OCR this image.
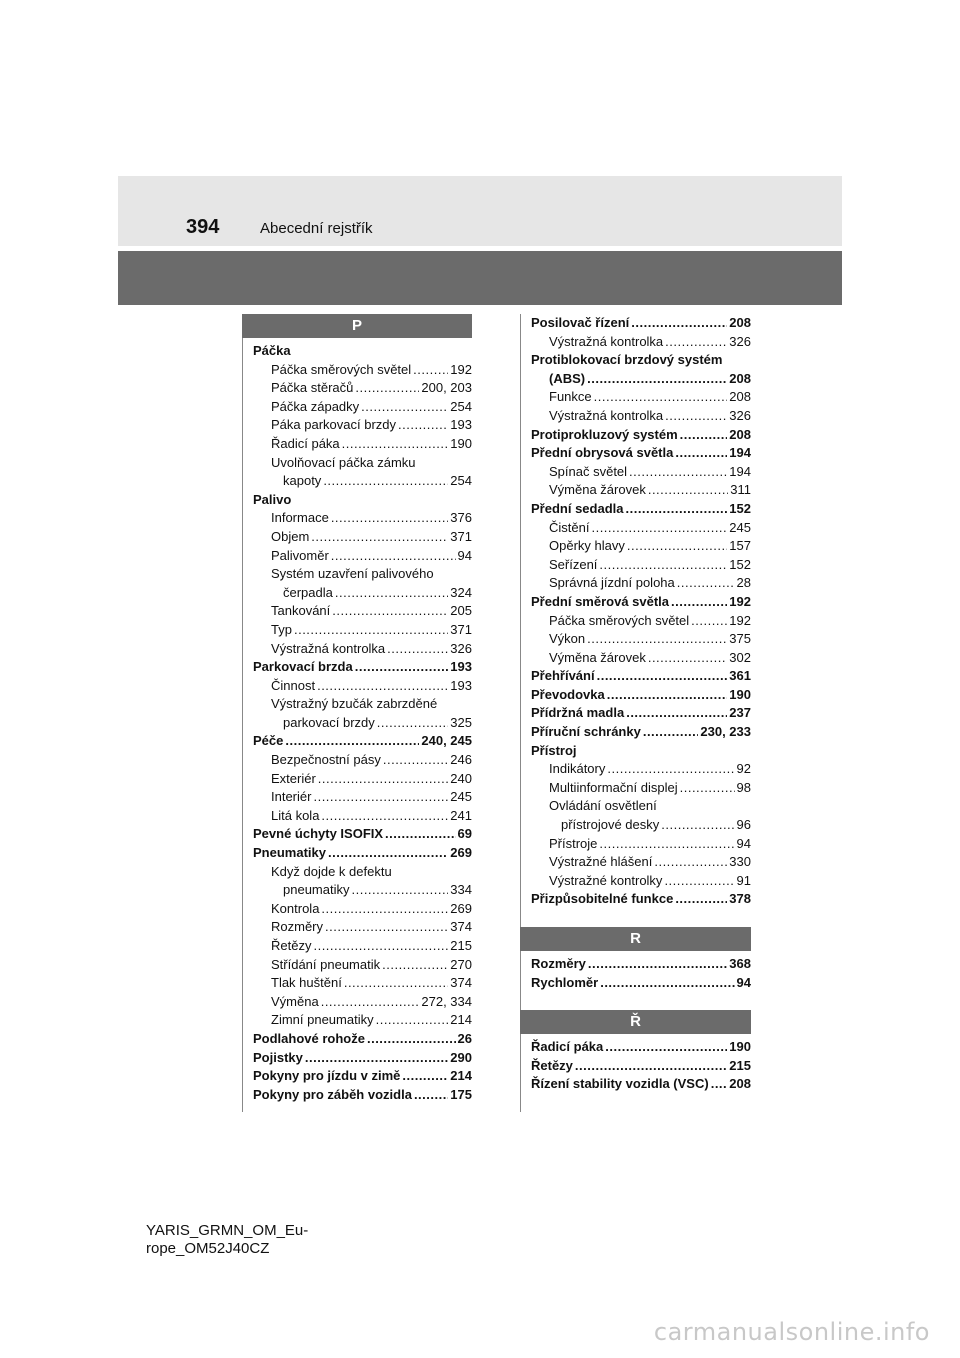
394	Abecední rejstřík
P
Páčka
Páčka směrových světel .....	192
Páčka stěračů .....	200, 203
Páčka západky .....	254
Páka parkovací brzdy .....	193
Řadicí páka .....	190
Uvolňovací páčka zámku
kapoty .....	254
Palivo
Informace .....	376
Objem .....	371
Palivoměr .....	94
Systém uzavření palivového
čerpadla .....	324
Tankování .....	205
Typ .....	371
Výstražná kontrolka .....	326
Parkovací brzda .....	193
Činnost .....	193
Výstražný bzučák zabrzděné
parkovací brzdy .....	325
Péče .....	240, 245
Bezpečnostní pásy .....	246
Exteriér .....	240
Interiér .....	245
Litá kola .....	241
Pevné úchyty ISOFIX .....	69
Pneumatiky .....	269
Když dojde k defektu
pneumatiky .....	334
Kontrola .....	269
Rozměry .....	374
Řetězy .....	215
Střídání pneumatik .....	270
Tlak huštění .....	374
Výměna .....	272, 334
Zimní pneumatiky .....	214
Podlahové rohože .....	26
Pojistky .....	290
Pokyny pro jízdu v zimě .....	214
Pokyny pro záběh vozidla .....	175
Posilovač řízení .....	208
Výstražná kontrolka .....	326
Protiblokovací brzdový systém
(ABS) .....	208
Funkce .....	208
Výstražná kontrolka .....	326
Protiprokluzový systém .....	208
Přední obrysová světla .....	194
Spínač světel .....	194
Výměna žárovek .....	311
Přední sedadla .....	152
Čistění .....	245
Opěrky hlavy .....	157
Seřízení .....	152
Správná jízdní poloha .....	28
Přední směrová světla .....	192
Páčka směrových světel .....	192
Výkon .....	375
Výměna žárovek .....	302
Přehřívání .....	361
Převodovka .....	190
Přídržná madla .....	237
Příruční schránky .....	230, 233
Přístroj
Indikátory .....	92
Multiinformační displej .....	98
Ovládání osvětlení
přístrojové desky .....	96
Přístroje .....	94
Výstražné hlášení .....	330
Výstražné kontrolky .....	91
Přizpůsobitelné funkce .....	378
R
Rozměry .....	368
Rychloměr .....	94
Ř
Řadicí páka .....	190
Řetězy .....	215
Řízení stability vozidla (VSC) ..... 208
YARIS_GRMN_OM_Eu-
rope_OM52J40CZ
carmanualsonline.info
